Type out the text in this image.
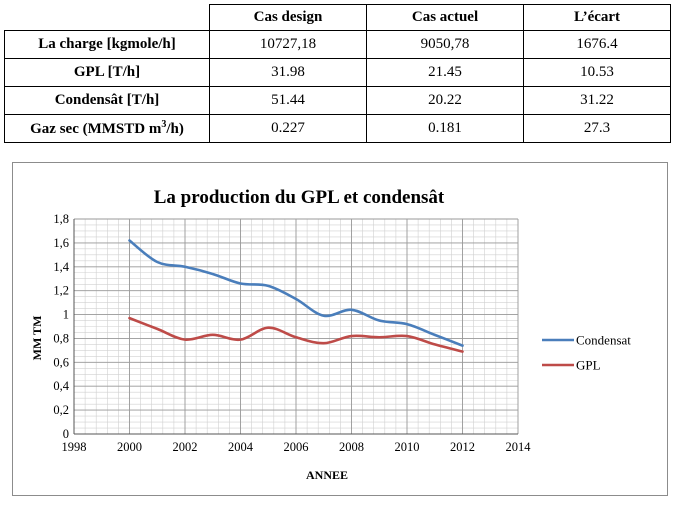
	Cas design	Cas actuel	L’écart
La charge [kgmole/h]	10727,18	9050,78	1676.4
GPL [T/h]	31.98	21.45	10.53
Condensât [T/h]	51.44	20.22	31.22
Gaz sec (MMSTD $m^3/h$)	0.227	0.181	27.3
La production du GPL et condensât
1998 2000 2002 2004 2006 2008 2010 2012 2014
0
0,2
0,4
0,6
0,8
1
1,2
1,4
1,6
1,8
Condensat
GPL
ANNEE
MM TM
